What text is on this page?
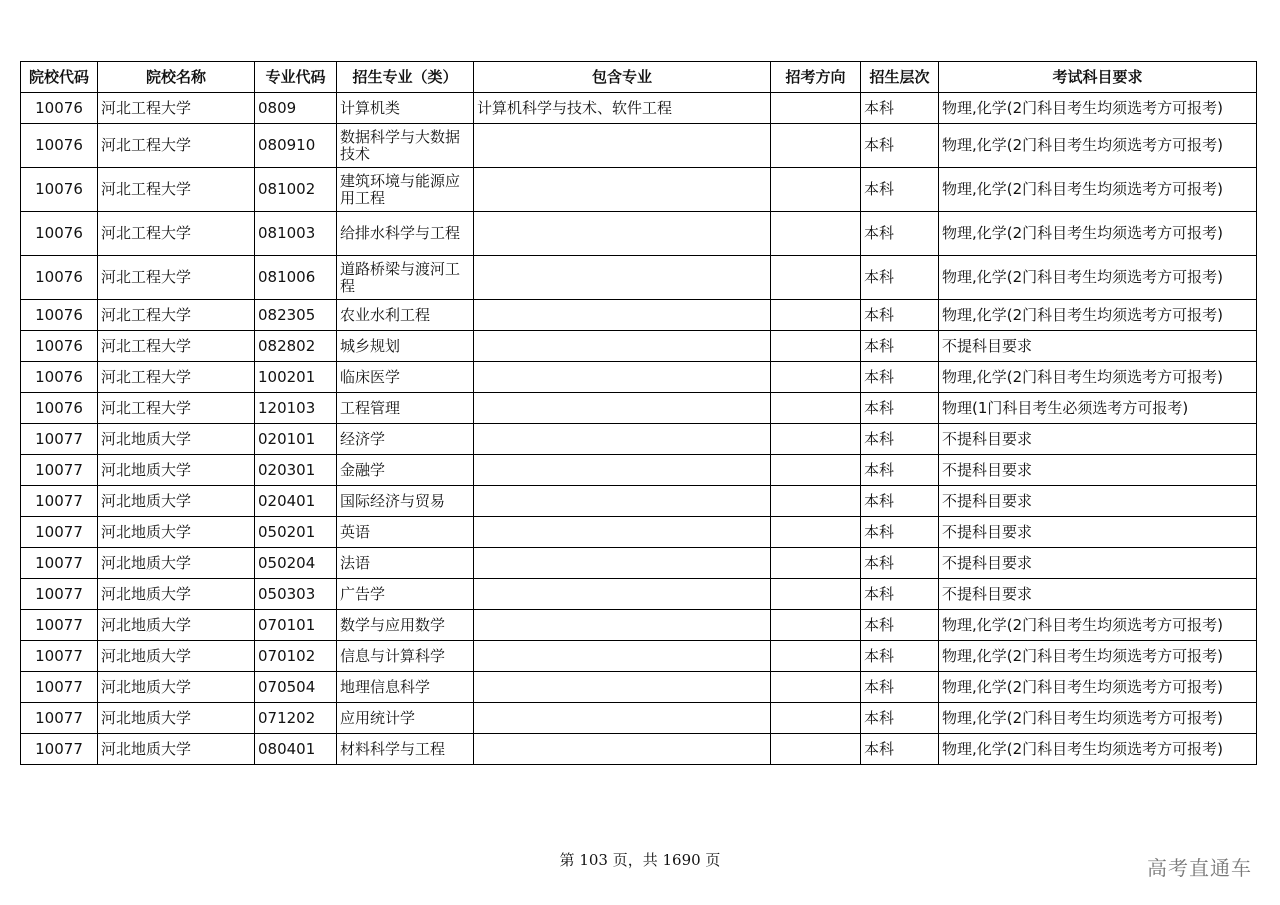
院校代码	院校名称	专业代码	招生专业（类）	包含专业	招考方向	招生层次	考试科目要求
10076	河北工程大学	0809	计算机类	计算机科学与技术、软件工程		本科	物理,化学(2门科目考生均须选考方可报考)
10076	河北工程大学	080910	数据科学与大数据技术			本科	物理,化学(2门科目考生均须选考方可报考)
10076	河北工程大学	081002	建筑环境与能源应用工程			本科	物理,化学(2门科目考生均须选考方可报考)
10076	河北工程大学	081003	给排水科学与工程			本科	物理,化学(2门科目考生均须选考方可报考)
10076	河北工程大学	081006	道路桥梁与渡河工程			本科	物理,化学(2门科目考生均须选考方可报考)
10076	河北工程大学	082305	农业水利工程			本科	物理,化学(2门科目考生均须选考方可报考)
10076	河北工程大学	082802	城乡规划			本科	不提科目要求
10076	河北工程大学	100201	临床医学			本科	物理,化学(2门科目考生均须选考方可报考)
10076	河北工程大学	120103	工程管理			本科	物理(1门科目考生必须选考方可报考)
10077	河北地质大学	020101	经济学			本科	不提科目要求
10077	河北地质大学	020301	金融学			本科	不提科目要求
10077	河北地质大学	020401	国际经济与贸易			本科	不提科目要求
10077	河北地质大学	050201	英语			本科	不提科目要求
10077	河北地质大学	050204	法语			本科	不提科目要求
10077	河北地质大学	050303	广告学			本科	不提科目要求
10077	河北地质大学	070101	数学与应用数学			本科	物理,化学(2门科目考生均须选考方可报考)
10077	河北地质大学	070102	信息与计算科学			本科	物理,化学(2门科目考生均须选考方可报考)
10077	河北地质大学	070504	地理信息科学			本科	物理,化学(2门科目考生均须选考方可报考)
10077	河北地质大学	071202	应用统计学			本科	物理,化学(2门科目考生均须选考方可报考)
10077	河北地质大学	080401	材料科学与工程			本科	物理,化学(2门科目考生均须选考方可报考)
第 103 页，共 1690 页	高考直通车
